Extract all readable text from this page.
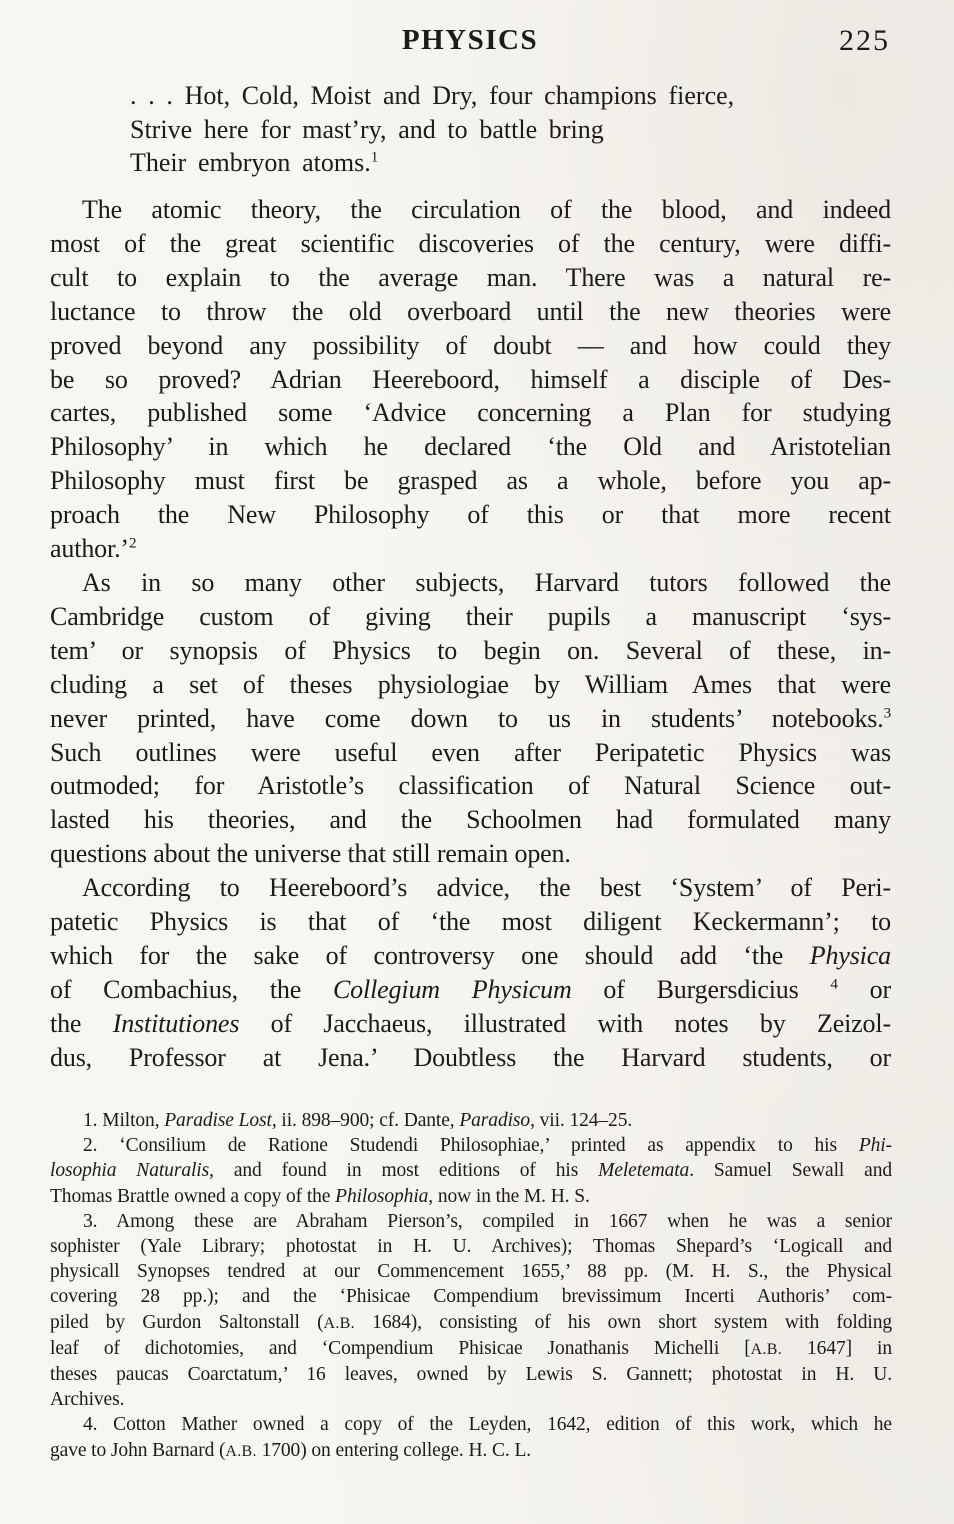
PHYSICS	225
. . . Hot, Cold, Moist and Dry, four champions fierce,
Strive here for mast’ry, and to battle bring
Their embryon atoms.$^1$
The atomic theory, the circulation of the blood, and indeed
most of the great scientific discoveries of the century, were diffi-
cult to explain to the average man. There was a natural re-
luctance to throw the old overboard until the new theories were
proved beyond any possibility of doubt — and how could they
be so proved? Adrian Heereboord, himself a disciple of Des-
cartes, published some ‘Advice concerning a Plan for studying
Philosophy’ in which he declared ‘the Old and Aristotelian
Philosophy must first be grasped as a whole, before you ap-
proach the New Philosophy of this or that more recent
author.’$^2$
As in so many other subjects, Harvard tutors followed the
Cambridge custom of giving their pupils a manuscript ‘sys-
tem’ or synopsis of Physics to begin on. Several of these, in-
cluding a set of theses physiologiae by William Ames that were
never printed, have come down to us in students’ notebooks.$^3$
Such outlines were useful even after Peripatetic Physics was
outmoded; for Aristotle’s classification of Natural Science out-
lasted his theories, and the Schoolmen had formulated many
questions about the universe that still remain open.
According to Heereboord’s advice, the best ‘System’ of Peri-
patetic Physics is that of ‘the most diligent Keckermann’; to
which for the sake of controversy one should add ‘the Physica
of Combachius, the Collegium Physicum of Burgersdicius $^4$ or
the Institutiones of Jacchaeus, illustrated with notes by Zeizol-
dus, Professor at Jena.’ Doubtless the Harvard students, or
1. Milton, Paradise Lost, ii. 898–900; cf. Dante, Paradiso, vii. 124–25.
2. ‘Consilium de Ratione Studendi Philosophiae,’ printed as appendix to his Phi-
losophia Naturalis, and found in most editions of his Meletemata. Samuel Sewall and
Thomas Brattle owned a copy of the Philosophia, now in the M. H. S.
3. Among these are Abraham Pierson’s, compiled in 1667 when he was a senior
sophister (Yale Library; photostat in H. U. Archives); Thomas Shepard’s ‘Logicall and
physicall Synopses tendred at our Commencement 1655,’ 88 pp. (M. H. S., the Physical
covering 28 pp.); and the ‘Phisicae Compendium brevissimum Incerti Authoris’ com-
piled by Gurdon Saltonstall (A.B. 1684), consisting of his own short system with folding
leaf of dichotomies, and ‘Compendium Phisicae Jonathanis Michelli [A.B. 1647] in
theses paucas Coarctatum,’ 16 leaves, owned by Lewis S. Gannett; photostat in H. U.
Archives.
4. Cotton Mather owned a copy of the Leyden, 1642, edition of this work, which he
gave to John Barnard (A.B. 1700) on entering college. H. C. L.
